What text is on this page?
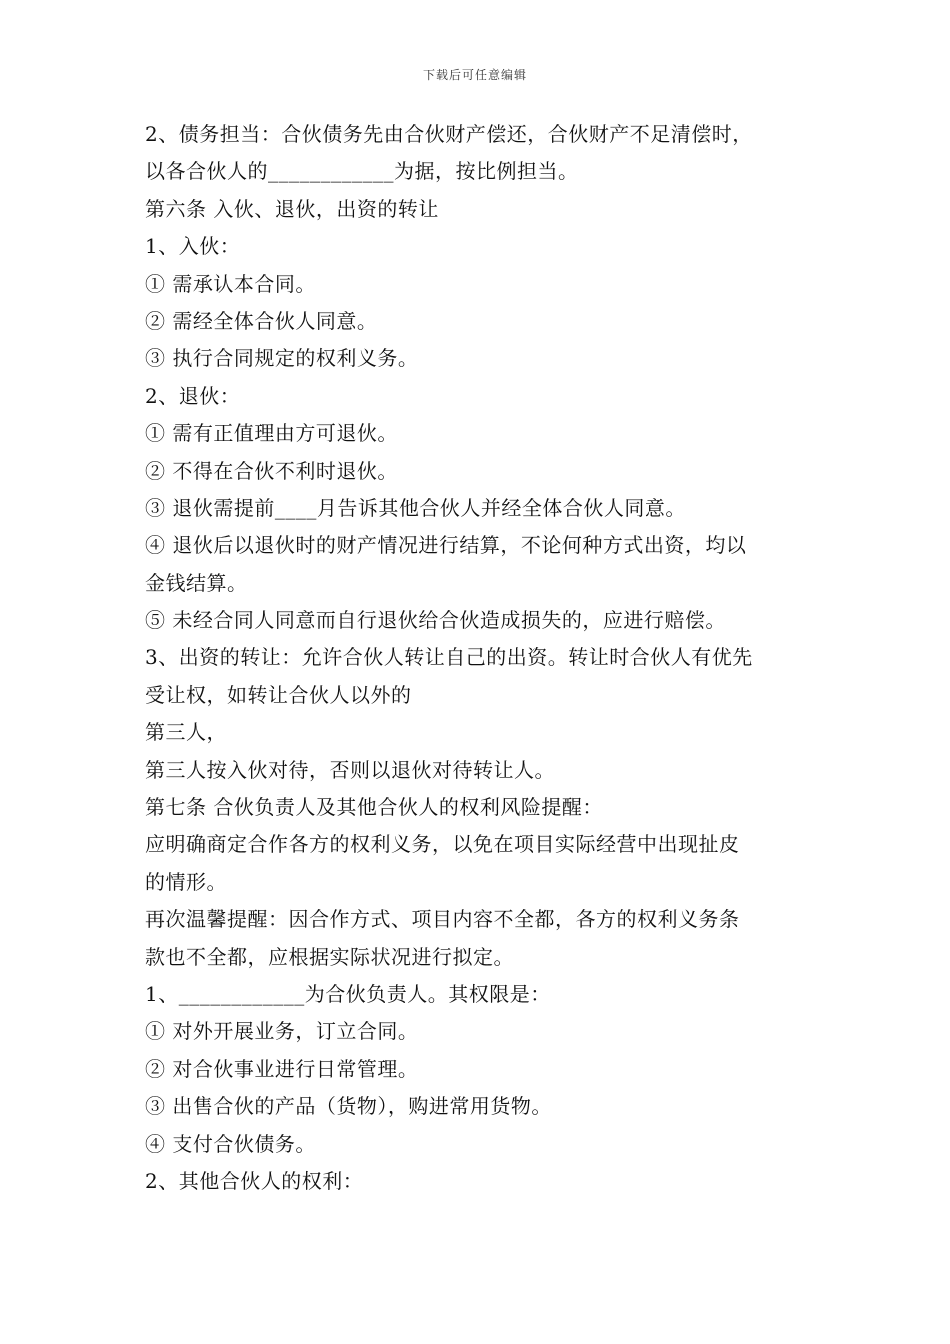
下载后可任意编辑
2、债务担当：合伙债务先由合伙财产偿还，合伙财产不足清偿时，
以各合伙人的____________为据，按比例担当。
第六条 入伙、退伙，出资的转让
1、入伙：
① 需承认本合同。
② 需经全体合伙人同意。
③ 执行合同规定的权利义务。
2、退伙：
① 需有正值理由方可退伙。
② 不得在合伙不利时退伙。
③ 退伙需提前____月告诉其他合伙人并经全体合伙人同意。
④ 退伙后以退伙时的财产情况进行结算，不论何种方式出资，均以
金钱结算。
⑤ 未经合同人同意而自行退伙给合伙造成损失的，应进行赔偿。
3、出资的转让：允许合伙人转让自己的出资。转让时合伙人有优先
受让权，如转让合伙人以外的
第三人，
第三人按入伙对待，否则以退伙对待转让人。
第七条 合伙负责人及其他合伙人的权利风险提醒：
应明确商定合作各方的权利义务，以免在项目实际经营中出现扯皮
的情形。
再次温馨提醒：因合作方式、项目内容不全都，各方的权利义务条
款也不全都，应根据实际状况进行拟定。
1、____________为合伙负责人。其权限是：
① 对外开展业务，订立合同。
② 对合伙事业进行日常管理。
③ 出售合伙的产品（货物），购进常用货物。
④ 支付合伙债务。
2、其他合伙人的权利：
